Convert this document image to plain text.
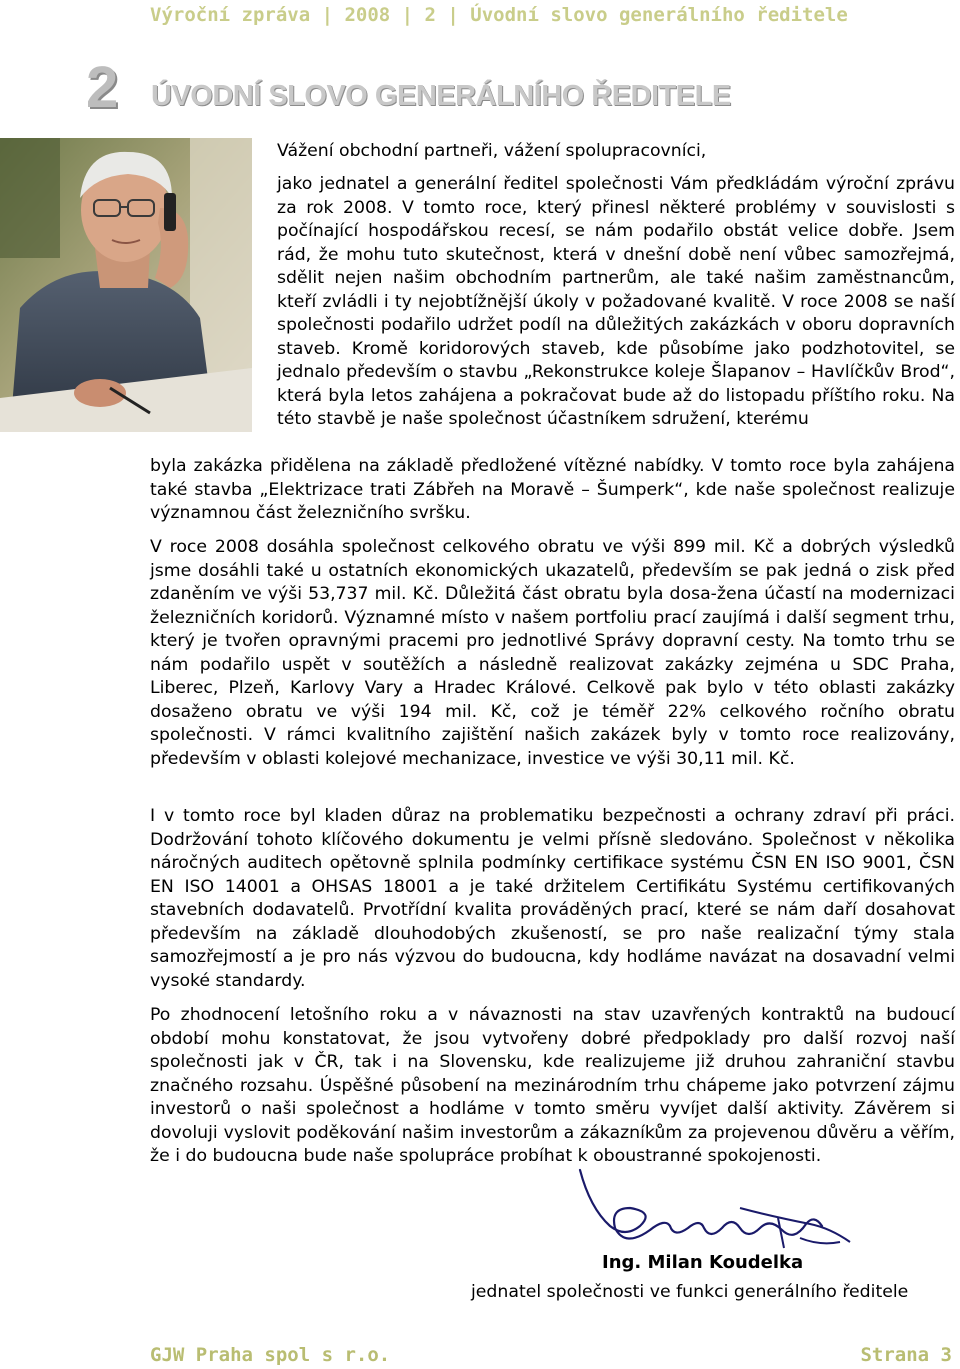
Výroční zpráva | 2008 | 2 | Úvodní slovo generálního ředitele
2 ÚVODNÍ SLOVO GENERÁLNÍHO ŘEDITELE

Vážení obchodní partneři, vážení spolupracovníci,

jako jednatel a generální ředitel společnosti Vám předkládám výroční zprávu za rok 2008. V tomto roce, který přinesl některé problémy v souvislosti s počínající hospodářskou recesí, se nám podařilo obstát velice dobře. Jsem rád, že mohu tuto skutečnost, která v dnešní době není vůbec samozřejmá, sdělit nejen našim obchodním partnerům, ale také našim zaměstnancům, kteří zvládli i ty nejobtížnější úkoly v požadované kvalitě. V roce 2008 se naší společnosti podařilo udržet podíl na důležitých zakázkách v oboru dopravních staveb. Kromě koridorových staveb, kde působíme jako podzhotovitel, se jednalo především o stavbu „Rekonstrukce koleje Šlapanov – Havlíčkův Brod“, která byla letos zahájena a pokračovat bude až do listopadu příštího roku. Na této stavbě je naše společnost účastníkem sdružení, kterému

byla zakázka přidělena na základě předložené vítězné nabídky. V tomto roce byla zahájena také stavba „Elektrizace trati Zábřeh na Moravě – Šumperk“, kde naše společnost realizuje významnou část železničního svršku.

V roce 2008 dosáhla společnost celkového obratu ve výši 899 mil. Kč a dobrých výsledků jsme dosáhli také u ostatních ekonomických ukazatelů, především se pak jedná o zisk před zdaněním ve výši 53,737 mil. Kč. Důležitá část obratu byla dosa-žena účastí na modernizaci železničních koridorů. Významné místo v našem portfoliu prací zaujímá i další segment trhu, který je tvořen opravnými pracemi pro jednotlivé Správy dopravní cesty. Na tomto trhu se nám podařilo uspět v soutěžích a následně realizovat zakázky zejména u SDC Praha, Liberec, Plzeň, Karlovy Vary a Hradec Králové. Celkově pak bylo v této oblasti zakázky dosaženo obratu ve výši 194 mil. Kč, což je téměř 22% celkového ročního obratu společnosti. V rámci kvalitního zajištění našich zakázek byly v tomto roce realizovány, především v oblasti kolejové mechanizace, investice ve výši 30,11 mil. Kč.

I v tomto roce byl kladen důraz na problematiku bezpečnosti a ochrany zdraví při práci. Dodržování tohoto klíčového dokumentu je velmi přísně sledováno. Společnost v několika náročných auditech opětovně splnila podmínky certifikace systému ČSN EN ISO 9001, ČSN EN ISO 14001 a OHSAS 18001 a je také držitelem Certifikátu Systému certifikovaných stavebních dodavatelů. Prvotřídní kvalita prováděných prací, které se nám daří dosahovat především na základě dlouhodobých zkušeností, se pro naše realizační týmy stala samozřejmostí a je pro nás výzvou do budoucna, kdy hodláme navázat na dosavadní velmi vysoké standardy.

Po zhodnocení letošního roku a v návaznosti na stav uzavřených kontraktů na budoucí období mohu konstatovat, že jsou vytvořeny dobré předpoklady pro další rozvoj naší společnosti jak v ČR, tak i na Slovensku, kde realizujeme již druhou zahraniční stavbu značného rozsahu. Úspěšné působení na mezinárodním trhu chápeme jako potvrzení zájmu investorů o naši společnost a hodláme v tomto směru vyvíjet další aktivity. Závěrem si dovoluji vyslovit poděkování našim investorům a zákazníkům za projevenou důvěru a věřím, že i do budoucna bude naše spolupráce probíhat k oboustranné spokojenosti.

Ing. Milan Koudelka
jednatel společnosti ve funkci generálního ředitele
GJW Praha spol s r.o.	Strana 3
